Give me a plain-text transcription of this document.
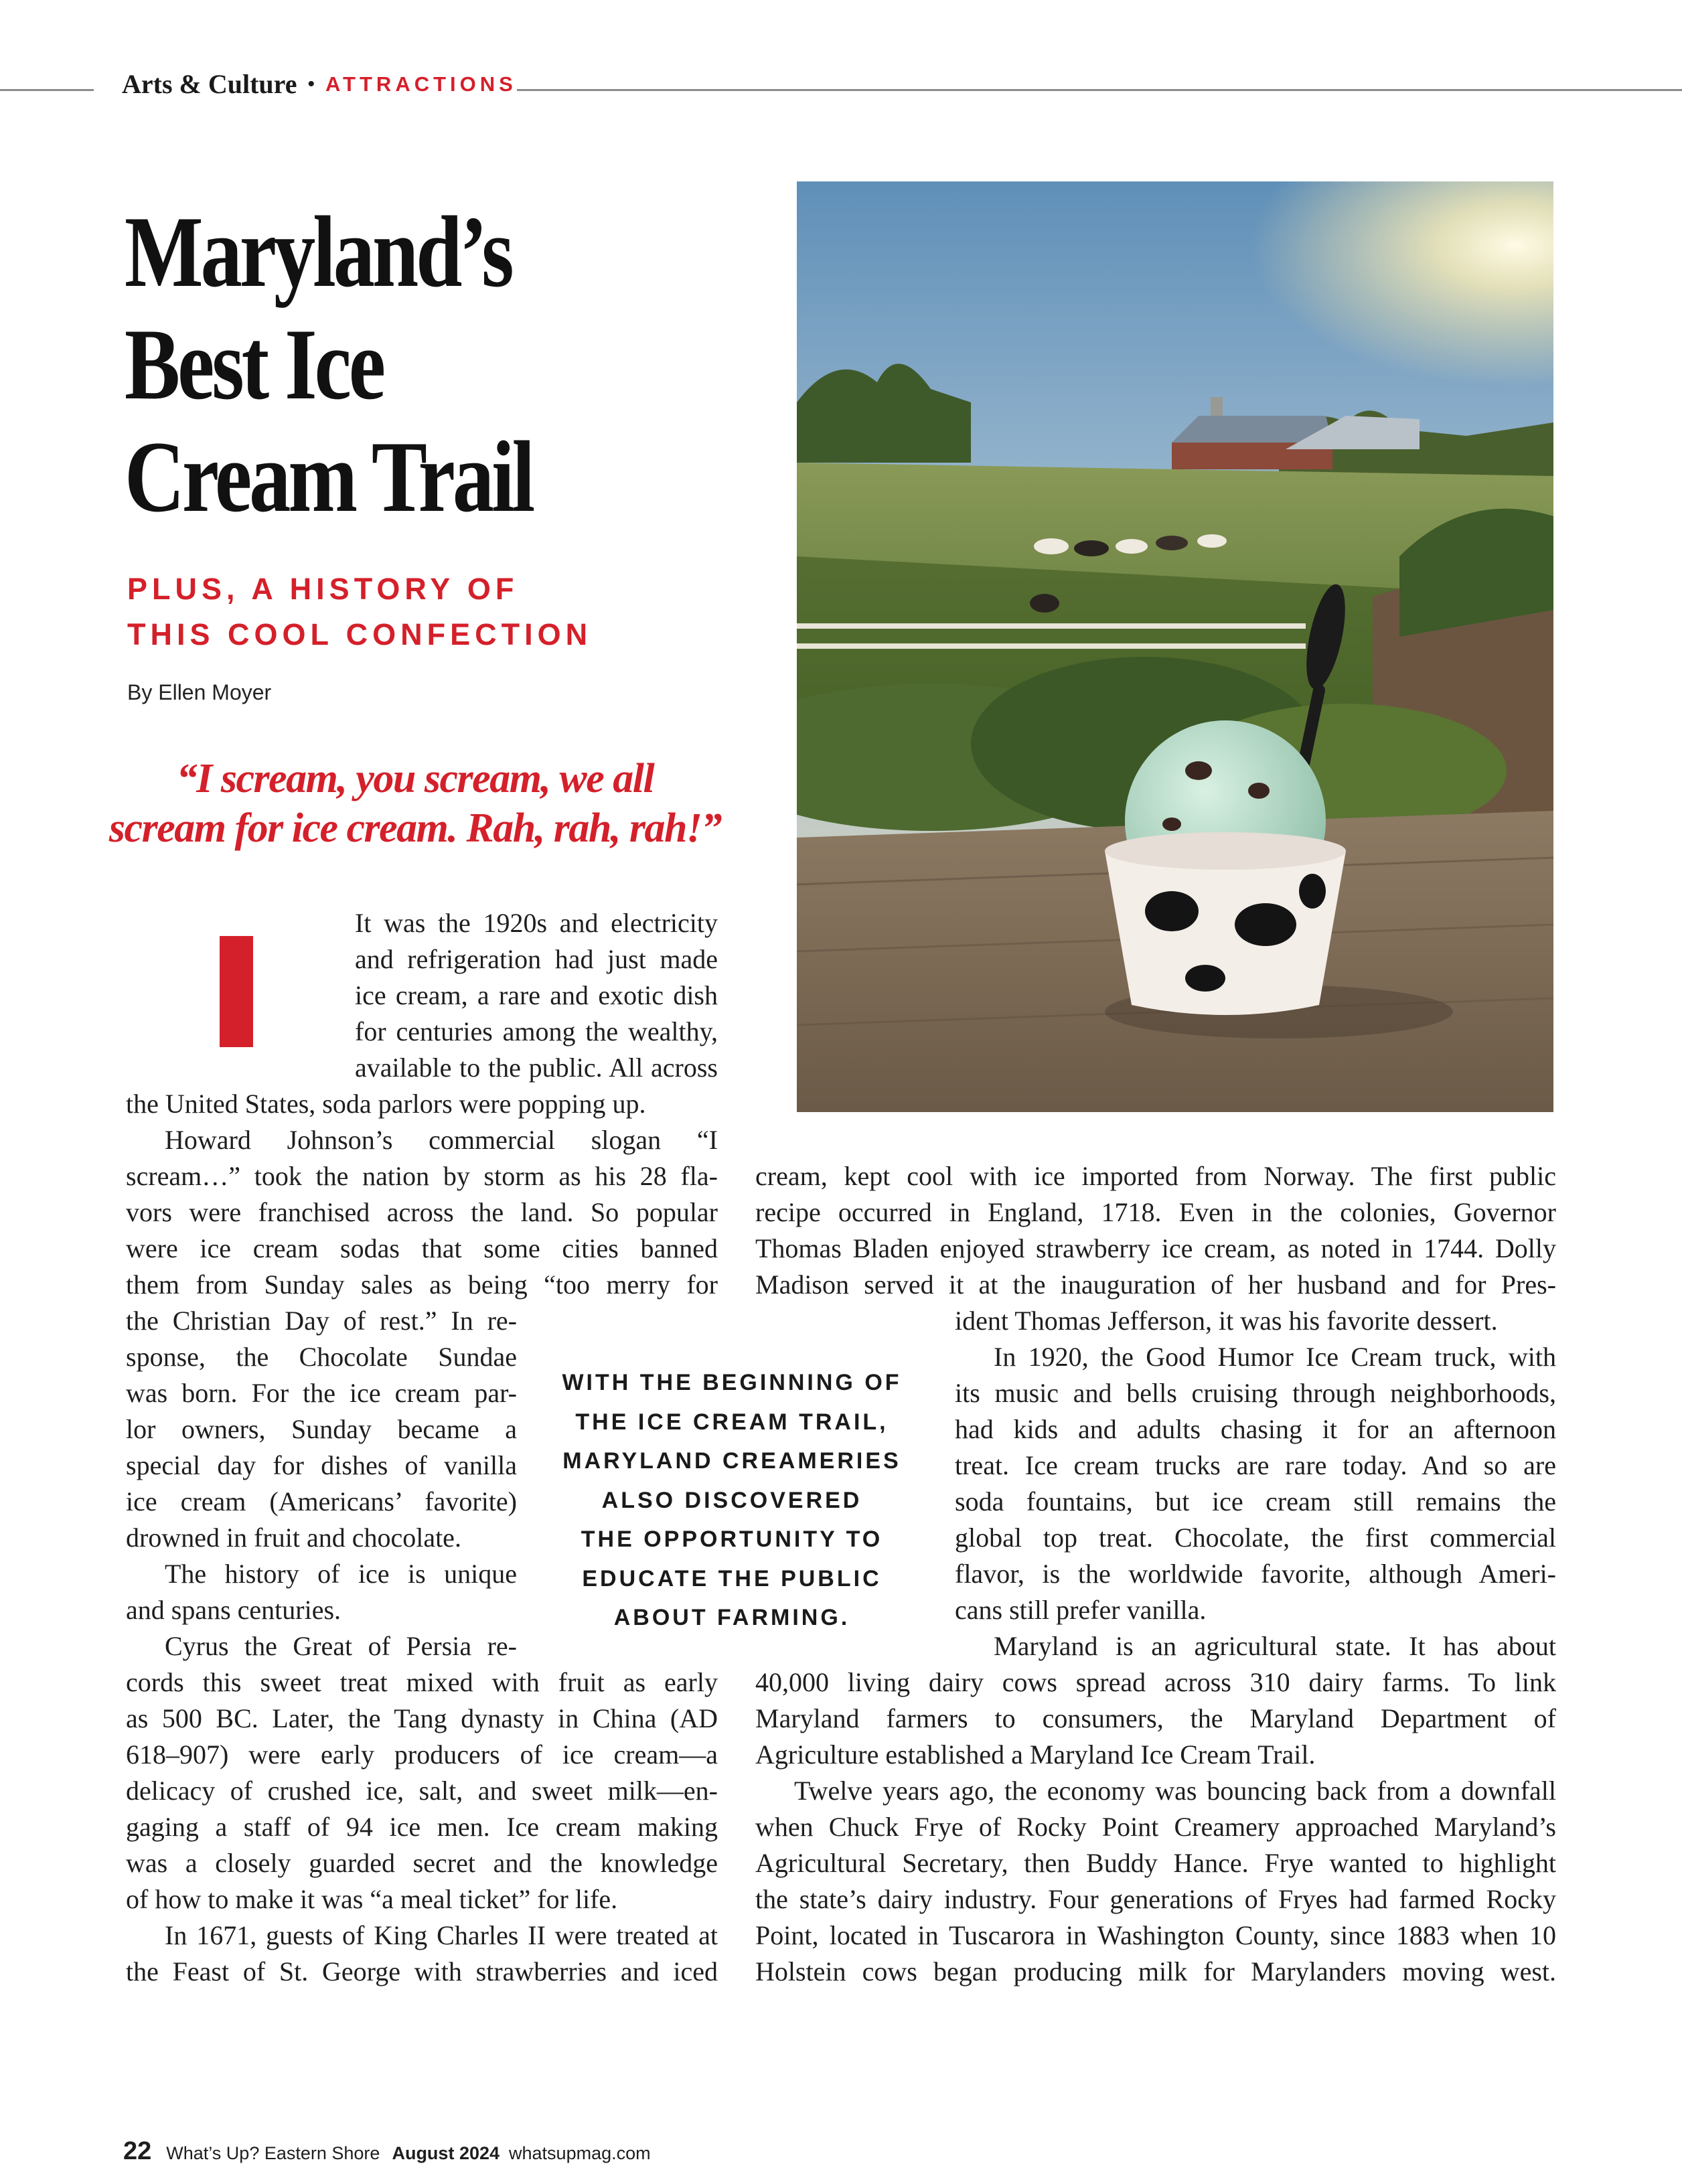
Arts & Culture • ATTRACTIONS
Maryland’s
Best Ice
Cream Trail
PLUS, A HISTORY OF
THIS COOL CONFECTION
By Ellen Moyer
“I scream, you scream, we all
scream for ice cream. Rah, rah, rah!”
It was the 1920s and electricity
and refrigeration had just made
ice cream, a rare and exotic dish
for centuries among the wealthy,
available to the public. All across
the United States, soda parlors were popping up.
Howard Johnson’s commercial slogan “I
scream…” took the nation by storm as his 28 fla-
vors were franchised across the land. So popular
were ice cream sodas that some cities banned
them from Sunday sales as being “too merry for
the Christian Day of rest.” In re-
sponse, the Chocolate Sundae
was born. For the ice cream par-
lor owners, Sunday became a
special day for dishes of vanilla
ice cream (Americans’ favorite)
drowned in fruit and chocolate.
The history of ice is unique
and spans centuries.
Cyrus the Great of Persia re-
cords this sweet treat mixed with fruit as early
as 500 BC. Later, the Tang dynasty in China (AD
618–907) were early producers of ice cream—a
delicacy of crushed ice, salt, and sweet milk—en-
gaging a staff of 94 ice men. Ice cream making
was a closely guarded secret and the knowledge
of how to make it was “a meal ticket” for life.
In 1671, guests of King Charles II were treated at
the Feast of St. George with strawberries and iced
WITH THE BEGINNING OF
THE ICE CREAM TRAIL,
MARYLAND CREAMERIES
ALSO DISCOVERED
THE OPPORTUNITY TO
EDUCATE THE PUBLIC
ABOUT FARMING.
cream, kept cool with ice imported from Norway. The first public
recipe occurred in England, 1718. Even in the colonies, Governor
Thomas Bladen enjoyed strawberry ice cream, as noted in 1744. Dolly
Madison served it at the inauguration of her husband and for Pres-
ident Thomas Jefferson, it was his favorite dessert.
In 1920, the Good Humor Ice Cream truck, with
its music and bells cruising through neighborhoods,
had kids and adults chasing it for an afternoon
treat. Ice cream trucks are rare today. And so are
soda fountains, but ice cream still remains the
global top treat. Chocolate, the first commercial
flavor, is the worldwide favorite, although Ameri-
cans still prefer vanilla.
Maryland is an agricultural state. It has about
40,000 living dairy cows spread across 310 dairy farms. To link
Maryland farmers to consumers, the Maryland Department of
Agriculture established a Maryland Ice Cream Trail.
Twelve years ago, the economy was bouncing back from a downfall
when Chuck Frye of Rocky Point Creamery approached Maryland’s
Agricultural Secretary, then Buddy Hance. Frye wanted to highlight
the state’s dairy industry. Four generations of Fryes had farmed Rocky
Point, located in Tuscarora in Washington County, since 1883 when 10
Holstein cows began producing milk for Marylanders moving west.
22 What’s Up? Eastern Shore August 2024 whatsupmag.com
